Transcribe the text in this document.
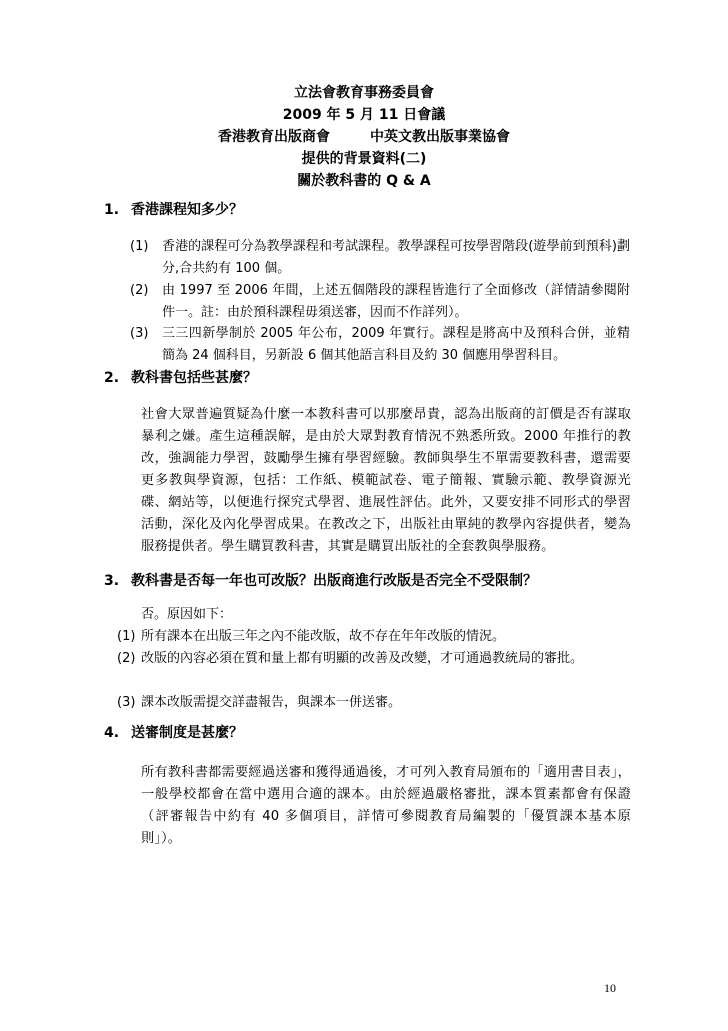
立法會教育事務委員會
2009 年 5 月 11 日會議
香港教育出版商會	中英文教出版事業協會
提供的背景資料(二)
關於教科書的 Q & A
1. 香港課程知多少？
(1) 香港的課程可分為教學課程和考試課程。教學課程可按學習階段(遊學前到預科)劃分,合共約有 100 個。
(2) 由 1997 至 2006 年間，上述五個階段的課程皆進行了全面修改（詳情請參閱附件一。註：由於預科課程毋須送審，因而不作詳列）。
(3) 三三四新學制於 2005 年公布，2009 年實行。課程是將高中及預科合併，並精簡為 24 個科目，另新設 6 個其他語言科目及約 30 個應用學習科目。
2. 教科書包括些甚麼？
社會大眾普遍質疑為什麼一本教科書可以那麼昂貴，認為出版商的訂價是否有謀取暴利之嫌。產生這種誤解，是由於大眾對教育情況不熟悉所致。2000 年推行的教改，強調能力學習，鼓勵學生擁有學習經驗。教師與學生不單需要教科書，還需要更多教與學資源，包括：工作紙、模範試卷、電子簡報、實驗示範、教學資源光碟、網站等，以便進行探究式學習、進展性評估。此外，又要安排不同形式的學習活動，深化及內化學習成果。在教改之下，出版社由單純的教學內容提供者，變為服務提供者。學生購買教科書，其實是購買出版社的全套教與學服務。
3. 教科書是否每一年也可改版？出版商進行改版是否完全不受限制？
否。原因如下：
(1) 所有課本在出版三年之內不能改版，故不存在年年改版的情況。
(2) 改版的內容必須在質和量上都有明顯的改善及改變，才可通過教統局的審批。
(3) 課本改版需提交詳盡報告，與課本一併送審。
4. 送審制度是甚麼？
所有教科書都需要經過送審和獲得通過後，才可列入教育局頒布的「適用書目表」，一般學校都會在當中選用合適的課本。由於經過嚴格審批，課本質素都會有保證（評審報告中約有 40 多個項目，詳情可參閱教育局編製的「優質課本基本原則」）。
10
